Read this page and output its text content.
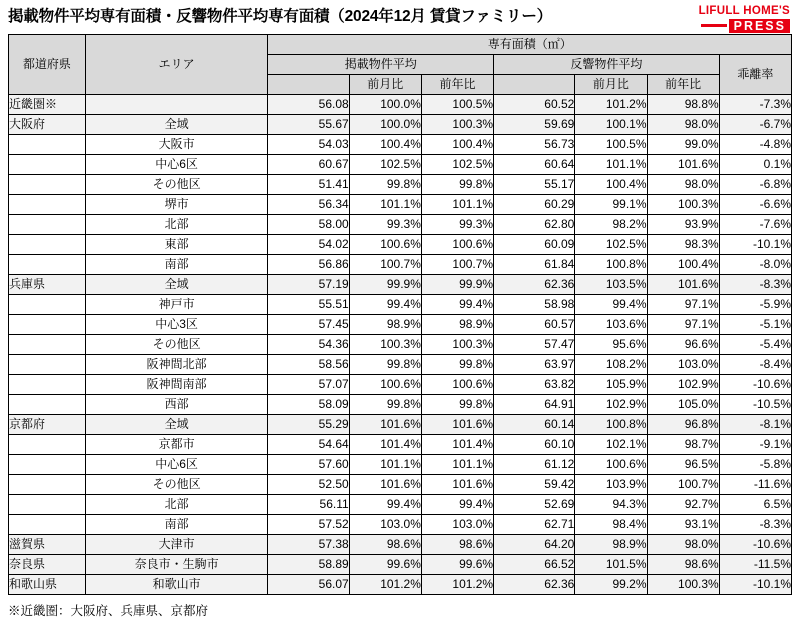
掲載物件平均専有面積・反響物件平均専有面積（2024年12月 賃貸ファミリー）	LIFULL HOME'S
PRESS
都道府県	エリア	専有面積（㎡）						
		掲載物件平均			反響物件平均			乖離率
			前月比	前年比		前月比	前年比	
近畿圏※		56.08	100.0%	100.5%	60.52	101.2%	98.8%	-7.3%
大阪府	全域	55.67	100.0%	100.3%	59.69	100.1%	98.0%	-6.7%
	大阪市	54.03	100.4%	100.4%	56.73	100.5%	99.0%	-4.8%
	中心6区	60.67	102.5%	102.5%	60.64	101.1%	101.6%	0.1%
	その他区	51.41	99.8%	99.8%	55.17	100.4%	98.0%	-6.8%
	堺市	56.34	101.1%	101.1%	60.29	99.1%	100.3%	-6.6%
	北部	58.00	99.3%	99.3%	62.80	98.2%	93.9%	-7.6%
	東部	54.02	100.6%	100.6%	60.09	102.5%	98.3%	-10.1%
	南部	56.86	100.7%	100.7%	61.84	100.8%	100.4%	-8.0%
兵庫県	全域	57.19	99.9%	99.9%	62.36	103.5%	101.6%	-8.3%
	神戸市	55.51	99.4%	99.4%	58.98	99.4%	97.1%	-5.9%
	中心3区	57.45	98.9%	98.9%	60.57	103.6%	97.1%	-5.1%
	その他区	54.36	100.3%	100.3%	57.47	95.6%	96.6%	-5.4%
	阪神間北部	58.56	99.8%	99.8%	63.97	108.2%	103.0%	-8.4%
	阪神間南部	57.07	100.6%	100.6%	63.82	105.9%	102.9%	-10.6%
	西部	58.09	99.8%	99.8%	64.91	102.9%	105.0%	-10.5%
京都府	全域	55.29	101.6%	101.6%	60.14	100.8%	96.8%	-8.1%
	京都市	54.64	101.4%	101.4%	60.10	102.1%	98.7%	-9.1%
	中心6区	57.60	101.1%	101.1%	61.12	100.6%	96.5%	-5.8%
	その他区	52.50	101.6%	101.6%	59.42	103.9%	100.7%	-11.6%
	北部	56.11	99.4%	99.4%	52.69	94.3%	92.7%	6.5%
	南部	57.52	103.0%	103.0%	62.71	98.4%	93.1%	-8.3%
滋賀県	大津市	57.38	98.6%	98.6%	64.20	98.9%	98.0%	-10.6%
奈良県	奈良市・生駒市	58.89	99.6%	99.6%	66.52	101.5%	98.6%	-11.5%
和歌山県	和歌山市	56.07	101.2%	101.2%	62.36	99.2%	100.3%	-10.1%
※近畿圏：大阪府、兵庫県、京都府
